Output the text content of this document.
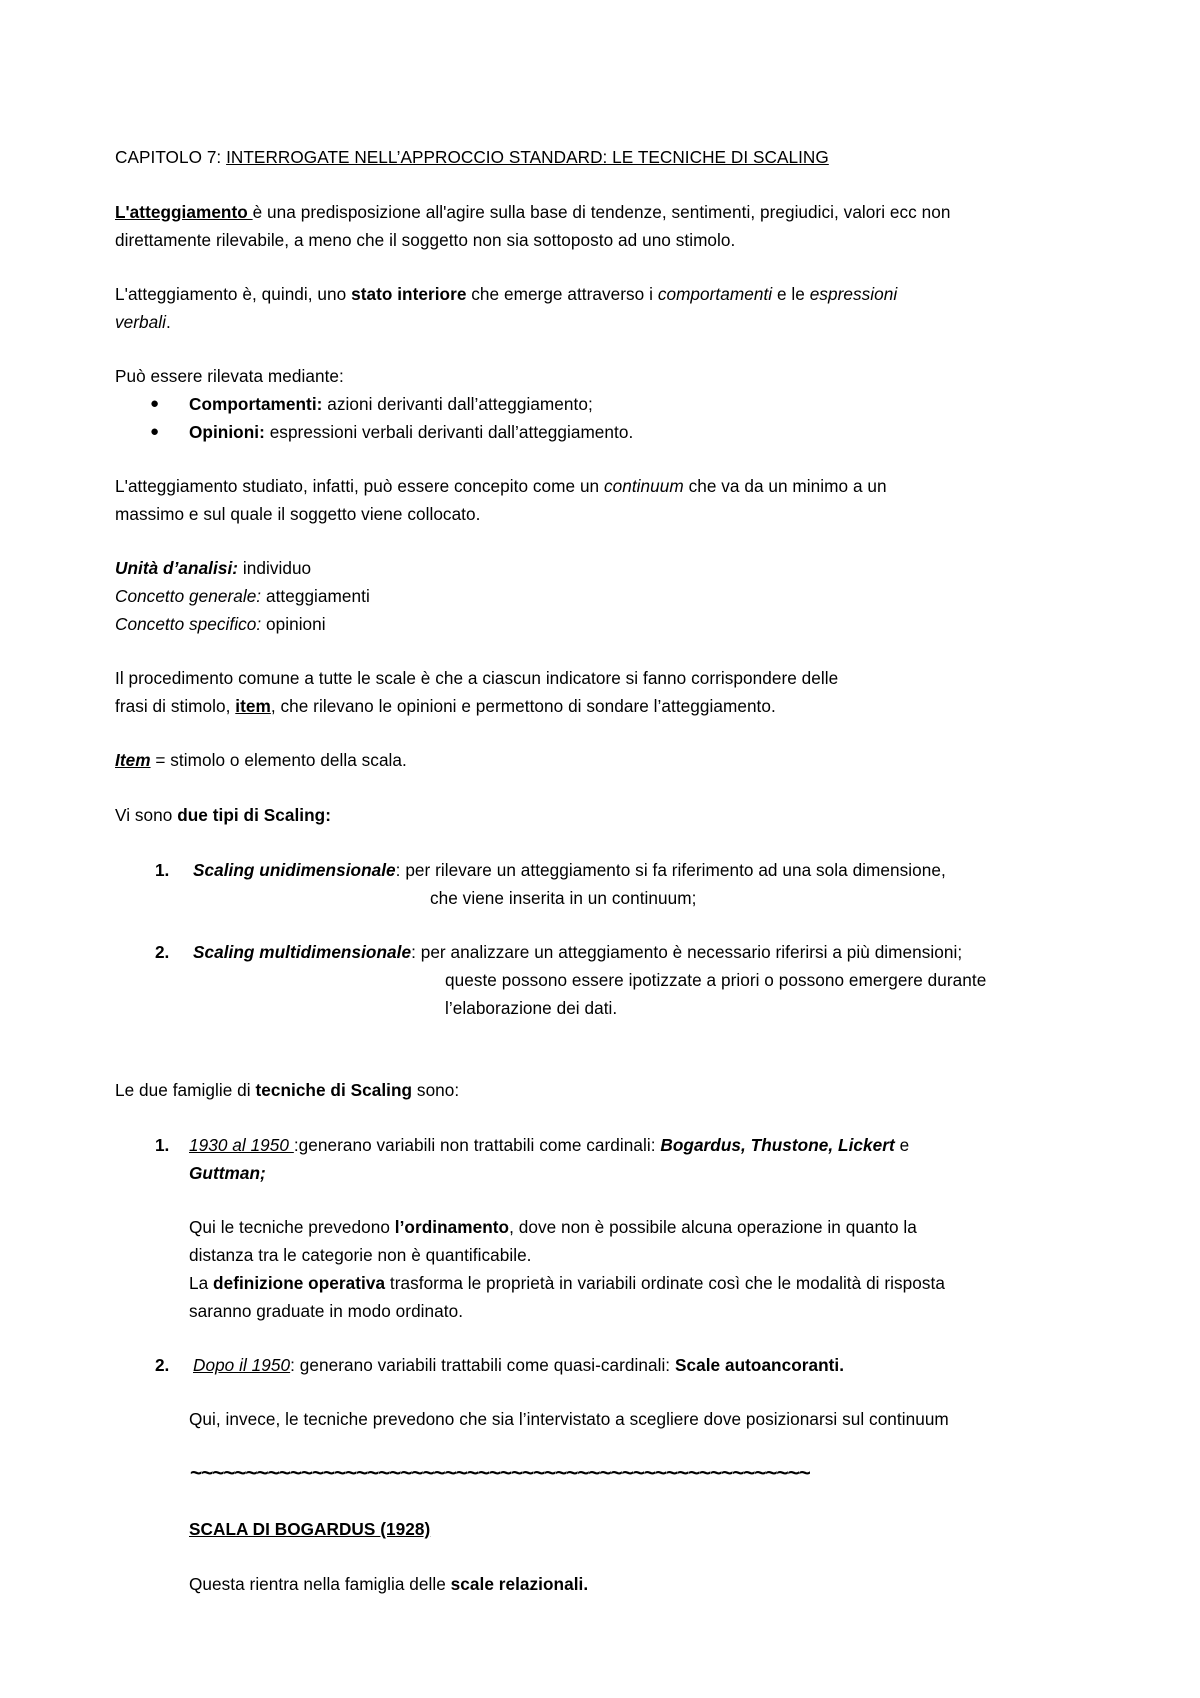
CAPITOLO 7: INTERROGATE NELL’APPROCCIO STANDARD: LE TECNICHE DI SCALING
L'atteggiamento è una predisposizione all'agire sulla base di tendenze, sentimenti, pregiudici, valori ecc non
direttamente rilevabile, a meno che il soggetto non sia sottoposto ad uno stimolo.
L'atteggiamento è, quindi, uno stato interiore che emerge attraverso i comportamenti e le espressioni
verbali.
Può essere rilevata mediante:
● Comportamenti: azioni derivanti dall’atteggiamento;
● Opinioni: espressioni verbali derivanti dall’atteggiamento.
L'atteggiamento studiato, infatti, può essere concepito come un continuum che va da un minimo a un
massimo e sul quale il soggetto viene collocato.
Unità d’analisi: individuo
Concetto generale: atteggiamenti
Concetto specifico: opinioni
Il procedimento comune a tutte le scale è che a ciascun indicatore si fanno corrispondere delle
frasi di stimolo, item, che rilevano le opinioni e permettono di sondare l’atteggiamento.
Item = stimolo o elemento della scala.
Vi sono due tipi di Scaling:
1. Scaling unidimensionale: per rilevare un atteggiamento si fa riferimento ad una sola dimensione,
che viene inserita in un continuum;
2. Scaling multidimensionale: per analizzare un atteggiamento è necessario riferirsi a più dimensioni;
queste possono essere ipotizzate a priori o possono emergere durante
l’elaborazione dei dati.
Le due famiglie di tecniche di Scaling sono:
1. 1930 al 1950 :generano variabili non trattabili come cardinali: Bogardus, Thustone, Lickert e
Guttman;
Qui le tecniche prevedono l’ordinamento, dove non è possibile alcuna operazione in quanto la
distanza tra le categorie non è quantificabile.
La definizione operativa trasforma le proprietà in variabili ordinate così che le modalità di risposta
saranno graduate in modo ordinato.
2. Dopo il 1950: generano variabili trattabili come quasi-cardinali: Scale autoancoranti.
Qui, invece, le tecniche prevedono che sia l’intervistato a scegliere dove posizionarsi sul continuum
~~~~~~~~~~~~~~~~~~~~~~~~~~~~~~~~~~~~~~~~~~~~~~~~~~~~~~~~
SCALA DI BOGARDUS (1928)
Questa rientra nella famiglia delle scale relazionali.
